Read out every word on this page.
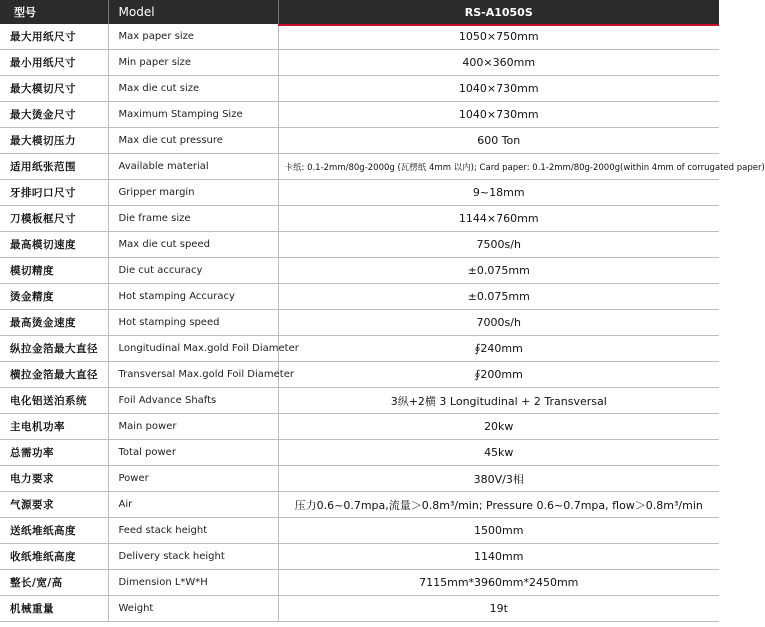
型号	Model	RS-A1050S
最大用纸尺寸	Max paper size	1050×750mm
最小用纸尺寸	Min paper size	400×360mm
最大模切尺寸	Max die cut size	1040×730mm
最大烫金尺寸	Maximum Stamping Size	1040×730mm
最大模切压力	Max die cut pressure	600 Ton
适用纸张范围	Available material	卡纸: 0.1-2mm/80g-2000g (瓦楞纸 4mm 以内); Card paper: 0.1-2mm/80g-2000g(within 4mm of corrugated paper)
牙排叼口尺寸	Gripper margin	9~18mm
刀模板框尺寸	Die frame size	1144×760mm
最高模切速度	Max die cut speed	7500s/h
模切精度	Die cut accuracy	±0.075mm
烫金精度	Hot stamping Accuracy	±0.075mm
最高烫金速度	Hot stamping speed	7000s/h
纵拉金箔最大直径	Longitudinal Max.gold Foil Diameter	∮240mm
横拉金箔最大直径	Transversal Max.gold Foil Diameter	∮200mm
电化铝送泊系统	Foil Advance Shafts	3纵+2横 3 Longitudinal + 2 Transversal
主电机功率	Main power	20kw
总需功率	Total power	45kw
电力要求	Power	380V/3相
气源要求	Air	压力0.6~0.7mpa,流量＞0.8m³/min; Pressure 0.6~0.7mpa, flow＞0.8m³/min
送纸堆纸高度	Feed stack height	1500mm
收纸堆纸高度	Delivery stack height	1140mm
整长/宽/高	Dimension L*W*H	7115mm*3960mm*2450mm
机械重量	Weight	19t
